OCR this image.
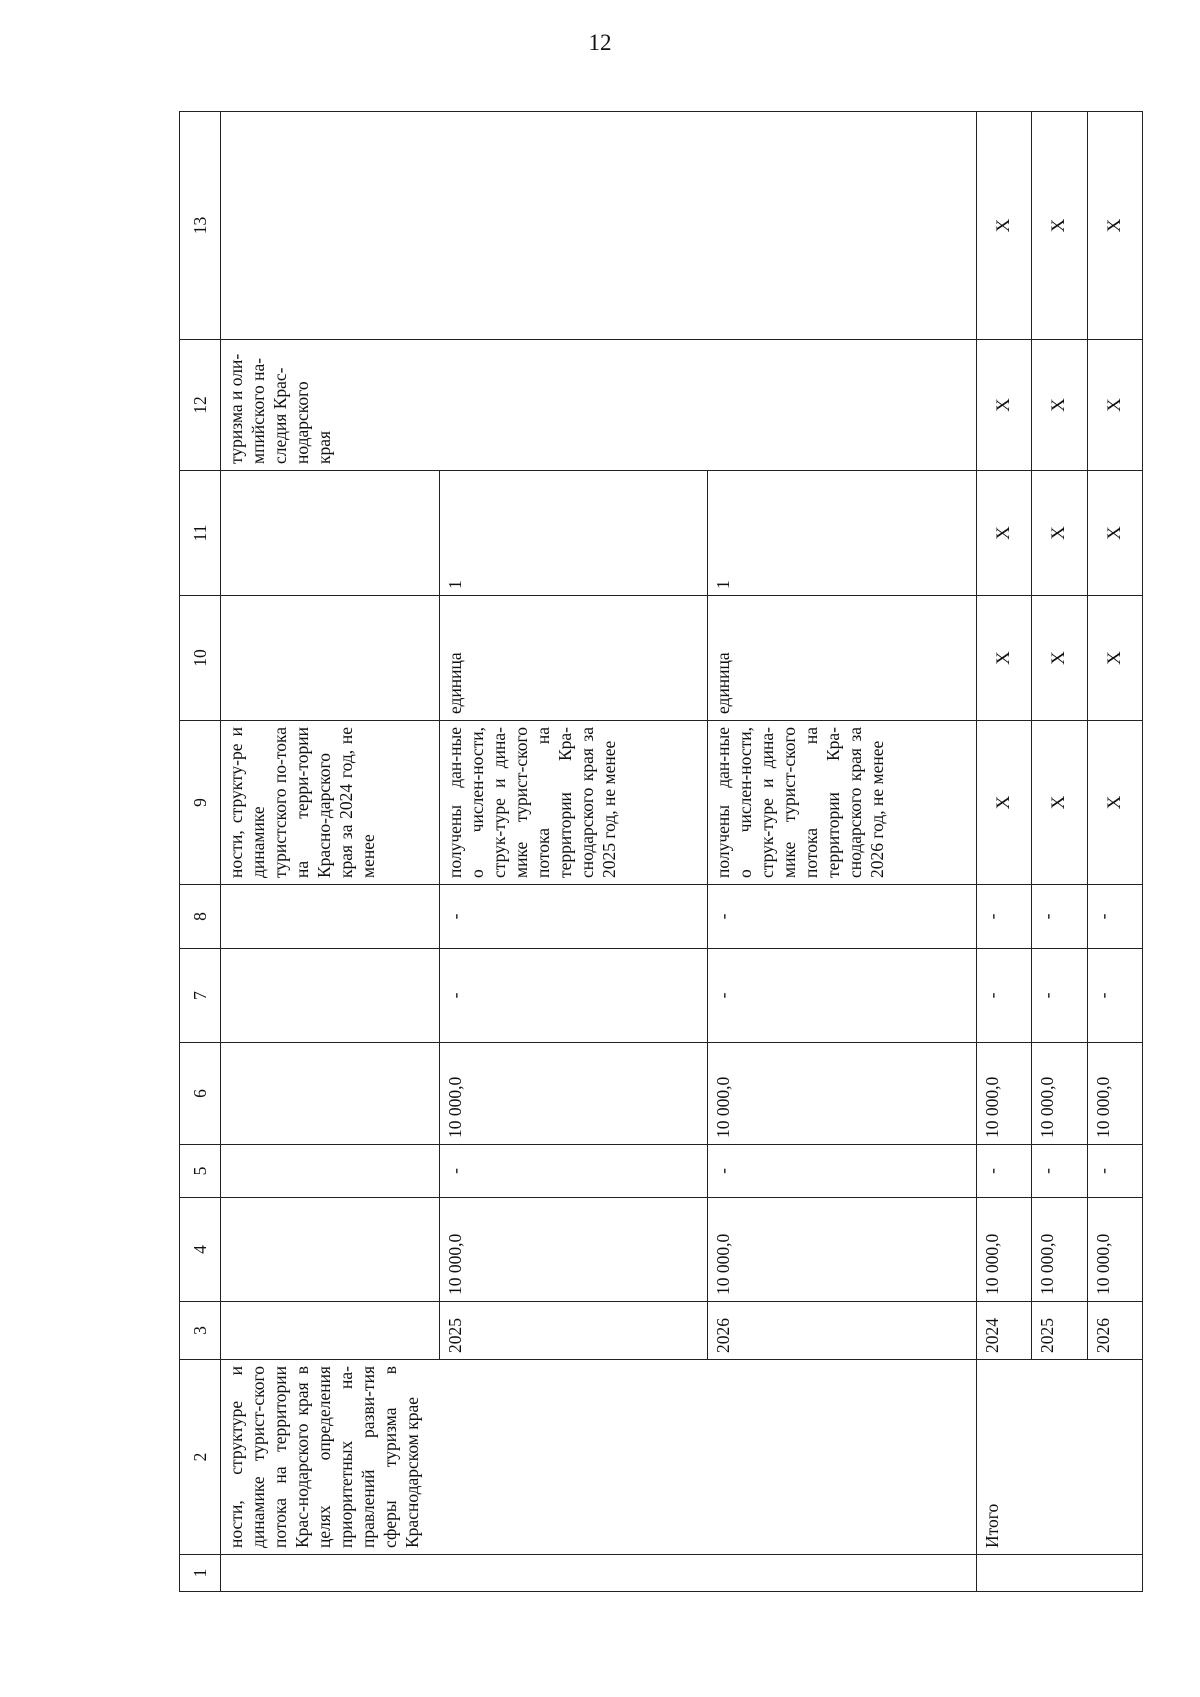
12
1	2	3	4	5	6	7	8	9	10	11	12	13
	ности, структуре и динамике турист-ского потока на территории Крас-нодарского края в целях определения приоритетных на-правлений разви-тия сферы туризма в Краснодарском крае							ности, структу-ре и динамике туристского по-тока на терри-тории Красно-дарского края за 2024 год, не менее			туризма и оли-мпийского на-следия Крас-нодарского края	
		2025	10 000,0	-	10 000,0	-	-	получены дан-ные о числен-ности, струк-туре и дина-мике турист-ского потока на территории Кра-снодарского края за 2025 год, не менее	единица	1		
		2026	10 000,0	-	10 000,0	-	-	получены дан-ные о числен-ности, струк-туре и дина-мике турист-ского потока на территории Кра-снодарского края за 2026 год, не менее	единица	1		
	Итого	2024	10 000,0	-	10 000,0	-	-	X	X	X	X	X
		2025	10 000,0	-	10 000,0	-	-	X	X	X	X	X
		2026	10 000,0	-	10 000,0	-	-	X	X	X	X	X
